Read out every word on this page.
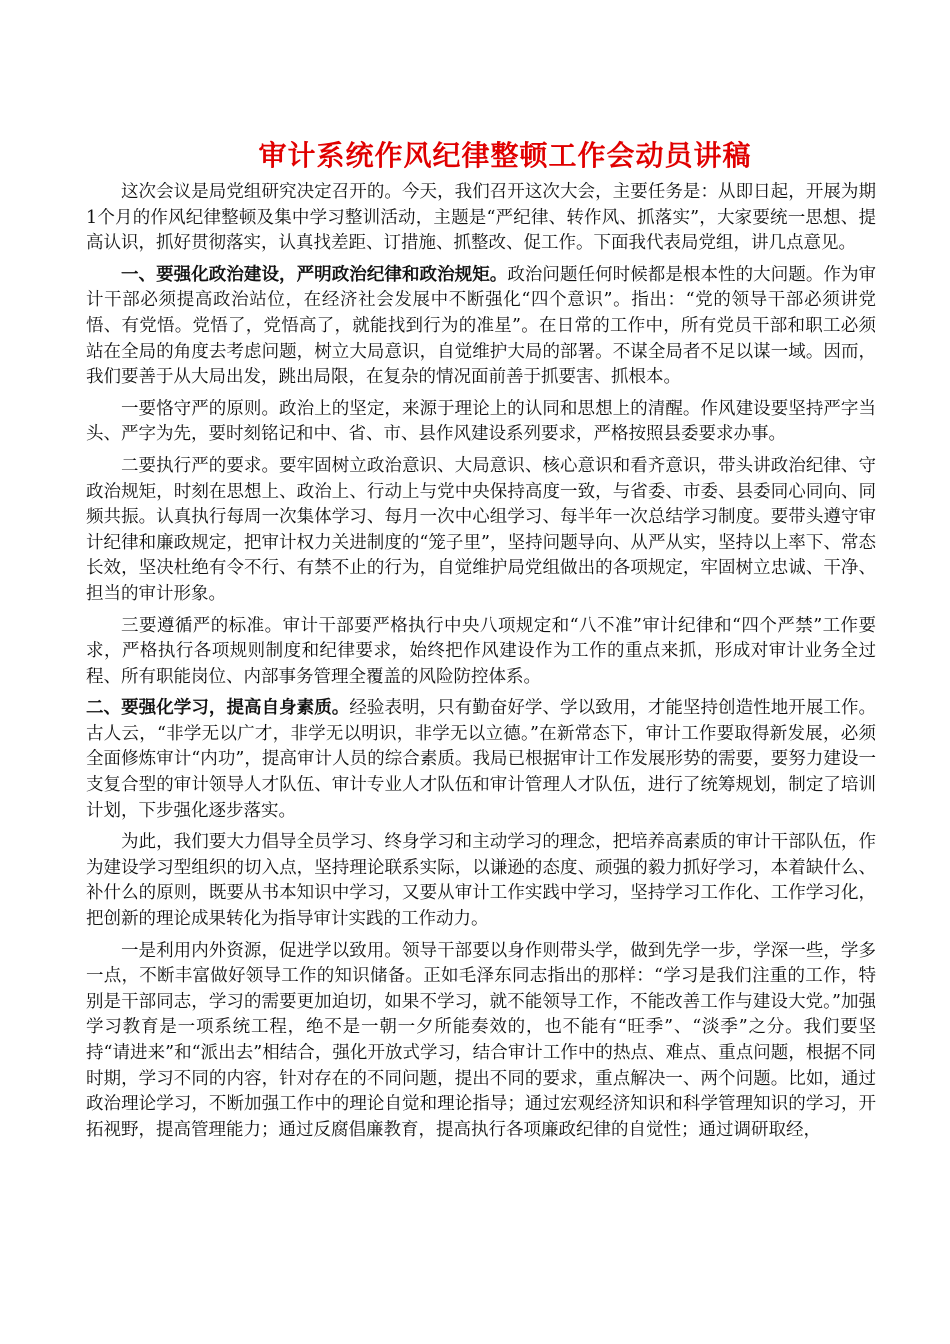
审计系统作风纪律整顿工作会动员讲稿

这次会议是局党组研究决定召开的。今天，我们召开这次大会，主要任务是：从即日起，开展为期1个月的作风纪律整顿及集中学习整训活动，主题是“严纪律、转作风、抓落实”，大家要统一思想、提高认识，抓好贯彻落实，认真找差距、订措施、抓整改、促工作。下面我代表局党组，讲几点意见。

一、要强化政治建设，严明政治纪律和政治规矩。政治问题任何时候都是根本性的大问题。作为审计干部必须提高政治站位，在经济社会发展中不断强化“四个意识”。指出：“党的领导干部必须讲党悟、有党悟。党悟了，党悟高了，就能找到行为的准星”。在日常的工作中，所有党员干部和职工必须站在全局的角度去考虑问题，树立大局意识，自觉维护大局的部署。不谋全局者不足以谋一域。因而，我们要善于从大局出发，跳出局限，在复杂的情况面前善于抓要害、抓根本。

一要恪守严的原则。政治上的坚定，来源于理论上的认同和思想上的清醒。作风建设要坚持严字当头、严字为先，要时刻铭记和中、省、市、县作风建设系列要求，严格按照县委要求办事。

二要执行严的要求。要牢固树立政治意识、大局意识、核心意识和看齐意识，带头讲政治纪律、守政治规矩，时刻在思想上、政治上、行动上与党中央保持高度一致，与省委、市委、县委同心同向、同频共振。认真执行每周一次集体学习、每月一次中心组学习、每半年一次总结学习制度。要带头遵守审计纪律和廉政规定，把审计权力关进制度的“笼子里”，坚持问题导向、从严从实，坚持以上率下、常态长效，坚决杜绝有令不行、有禁不止的行为，自觉维护局党组做出的各项规定，牢固树立忠诚、干净、担当的审计形象。

三要遵循严的标准。审计干部要严格执行中央八项规定和“八不准”审计纪律和“四个严禁”工作要求，严格执行各项规则制度和纪律要求，始终把作风建设作为工作的重点来抓，形成对审计业务全过程、所有职能岗位、内部事务管理全覆盖的风险防控体系。

二、要强化学习，提高自身素质。经验表明，只有勤奋好学、学以致用，才能坚持创造性地开展工作。古人云，“非学无以广才，非学无以明识，非学无以立德。”在新常态下，审计工作要取得新发展，必须全面修炼审计“内功”，提高审计人员的综合素质。我局已根据审计工作发展形势的需要，要努力建设一支复合型的审计领导人才队伍、审计专业人才队伍和审计管理人才队伍，进行了统筹规划，制定了培训计划，下步强化逐步落实。

为此，我们要大力倡导全员学习、终身学习和主动学习的理念，把培养高素质的审计干部队伍，作为建设学习型组织的切入点，坚持理论联系实际，以谦逊的态度、顽强的毅力抓好学习，本着缺什么、补什么的原则，既要从书本知识中学习，又要从审计工作实践中学习，坚持学习工作化、工作学习化，把创新的理论成果转化为指导审计实践的工作动力。

一是利用内外资源，促进学以致用。领导干部要以身作则带头学，做到先学一步，学深一些，学多一点，不断丰富做好领导工作的知识储备。正如毛泽东同志指出的那样：“学习是我们注重的工作，特别是干部同志，学习的需要更加迫切，如果不学习，就不能领导工作，不能改善工作与建设大党。”加强学习教育是一项系统工程，绝不是一朝一夕所能奏效的，也不能有“旺季”、“淡季”之分。我们要坚持“请进来”和“派出去”相结合，强化开放式学习，结合审计工作中的热点、难点、重点问题，根据不同时期，学习不同的内容，针对存在的不同问题，提出不同的要求，重点解决一、两个问题。比如，通过政治理论学习，不断加强工作中的理论自觉和理论指导；通过宏观经济知识和科学管理知识的学习，开拓视野，提高管理能力；通过反腐倡廉教育，提高执行各项廉政纪律的自觉性；通过调研取经，
